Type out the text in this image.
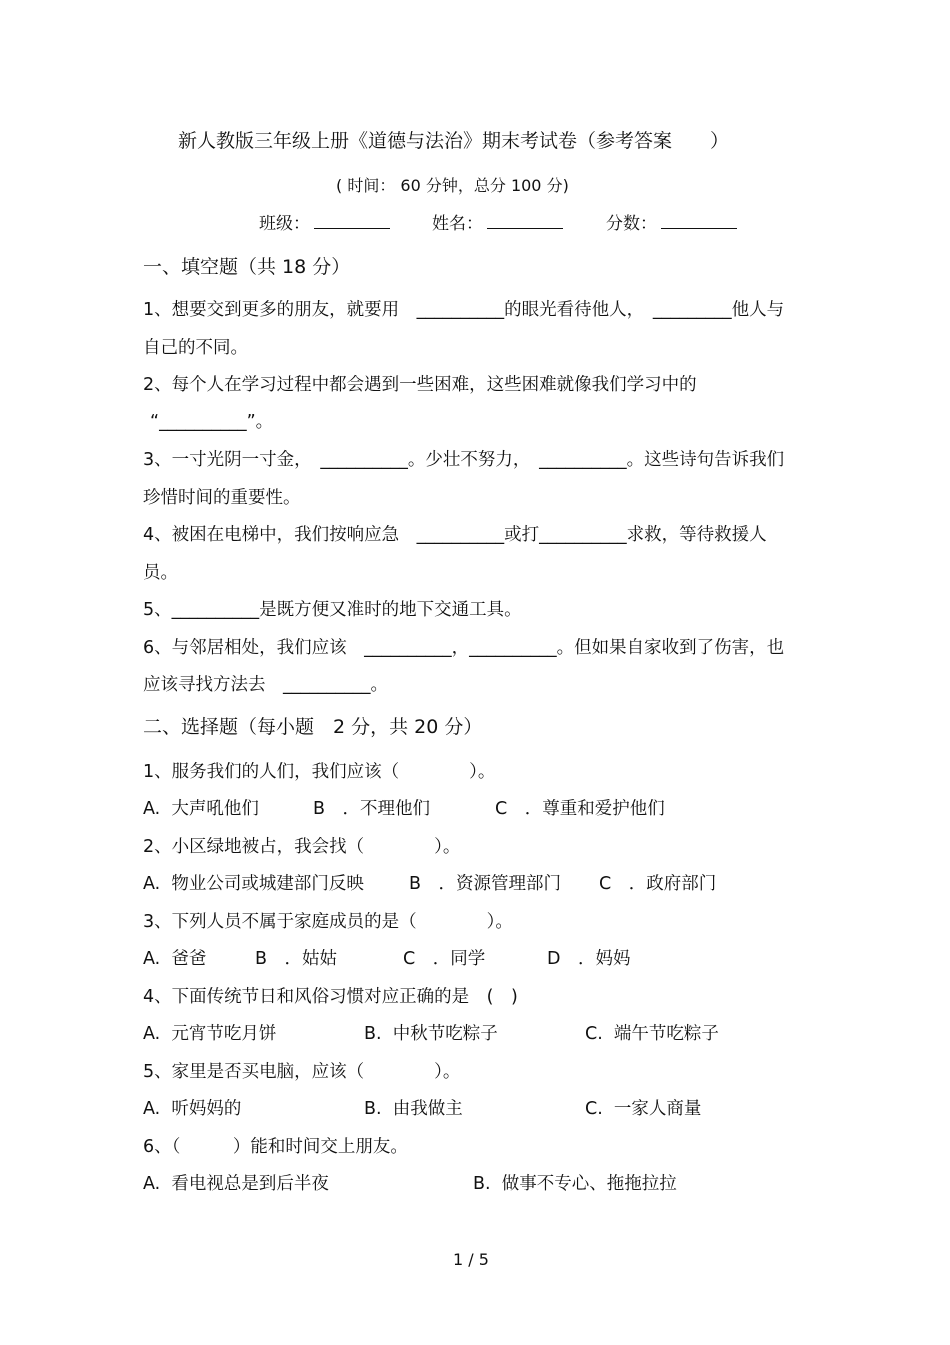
新人教版三年级上册《道德与法治》期末考试卷（参考答案　　）
( 时间： 60 分钟，总分 100 分)
班级：	姓名：	分数：
一、填空题（共 18 分）
1、想要交到更多的朋友，就要用　__________的眼光看待他人，　_________他人与
自己的不同。
2、每个人在学习过程中都会遇到一些困难，这些困难就像我们学习中的
“__________”。
3、一寸光阴一寸金，　__________。少壮不努力，　__________。这些诗句告诉我们
珍惜时间的重要性。
4、被困在电梯中，我们按响应急　__________或打__________求救，等待救援人
员。
5、__________是既方便又准时的地下交通工具。
6、与邻居相处，我们应该　__________，__________。但如果自家收到了伤害，也
应该寻找方法去　__________。
二、选择题（每小题　2 分，共 20 分）
1、服务我们的人们，我们应该（　　　　）。
A.  大声吼他们	B　．不理他们	C　．尊重和爱护他们
2、小区绿地被占，我会找（　　　　）。
A.  物业公司或城建部门反映	B　．资源管理部门 C　．政府部门
3、下列人员不属于家庭成员的是（　　　　）。
A.  爸爸	B　．姑姑	C　．同学	D　．妈妈
4、下面传统节日和风俗习惯对应正确的是　(　)
A.  元宵节吃月饼	B.  中秋节吃粽子	C.  端午节吃粽子
5、家里是否买电脑，应该（　　　　）。
A.  听妈妈的	B.  由我做主	C.  一家人商量
6、（　　　）能和时间交上朋友。
A.  看电视总是到后半夜	B.  做事不专心、拖拖拉拉
1 / 5
